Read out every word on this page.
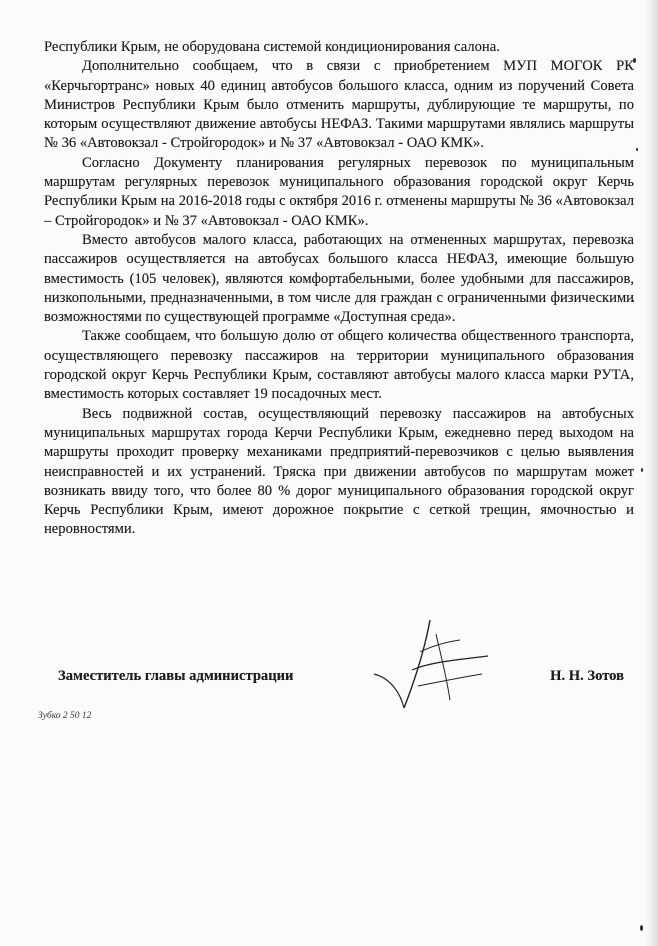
Республики Крым, не оборудована системой кондиционирования салона.

Дополнительно сообщаем, что в связи с приобретением МУП МОГОК РК «Керчьгортранс» новых 40 единиц автобусов большого класса, одним из поручений Совета Министров Республики Крым было отменить маршруты, дублирующие те маршруты, по которым осуществляют движение автобусы НЕФАЗ. Такими маршрутами являлись маршруты № 36 «Автовокзал - Стройгородок» и № 37 «Автовокзал - ОАО КМК».

Согласно Документу планирования регулярных перевозок по муниципальным маршрутам регулярных перевозок муниципального образования городской округ Керчь Республики Крым на 2016-2018 годы с октября 2016 г. отменены маршруты № 36 «Автовокзал – Стройгородок» и № 37 «Автовокзал - ОАО КМК».

Вместо автобусов малого класса, работающих на отмененных маршрутах, перевозка пассажиров осуществляется на автобусах большого класса НЕФАЗ, имеющие большую вместимость (105 человек), являются комфортабельными, более удобными для пассажиров, низкопольными, предназначенными, в том числе для граждан с ограниченными физическими возможностями по существующей программе «Доступная среда».

Также сообщаем, что большую долю от общего количества общественного транспорта, осуществляющего перевозку пассажиров на территории муниципального образования городской округ Керчь Республики Крым, составляют автобусы малого класса марки РУТА, вместимость которых составляет 19 посадочных мест.

Весь подвижной состав, осуществляющий перевозку пассажиров на автобусных муниципальных маршрутах города Керчи Республики Крым, ежедневно перед выходом на маршруты проходит проверку механиками предприятий-перевозчиков с целью выявления неисправностей и их устранений. Тряска при движении автобусов по маршрутам может возникать ввиду того, что более 80 % дорог муниципального образования городской округ Керчь Республики Крым, имеют дорожное покрытие с сеткой трещин, ямочностью и неровностями.

Заместитель главы администрации	Н. Н. Зотов
Зубко 2 50 12
